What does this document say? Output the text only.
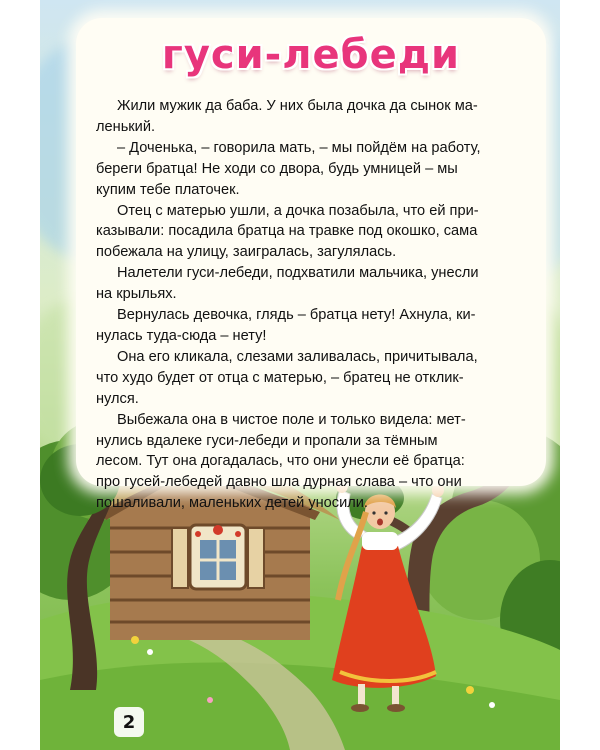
гуси-лебеди

Жили мужик да баба. У них была дочка да сынок ма-
ленький.

– Доченька, – говорила мать, – мы пойдём на работу,
береги братца! Не ходи со двора, будь умницей – мы
купим тебе платочек.

Отец с матерью ушли, а дочка позабыла, что ей при-
казывали: посадила братца на травке под окошко, сама
побежала на улицу, заигралась, загулялась.

Налетели гуси-лебеди, подхватили мальчика, унесли
на крыльях.

Вернулась девочка, глядь – братца нету! Ахнула, ки-
нулась туда-сюда – нету!

Она его кликала, слезами заливалась, причитывала,
что худо будет от отца с матерью, – братец не отклик-
нулся.

Выбежала она в чистое поле и только видела: мет-
нулись вдалеке гуси-лебеди и пропали за тёмным
лесом. Тут она догадалась, что они унесли её братца:
про гусей-лебедей давно шла дурная слава – что они
пошаливали, маленьких детей уносили.

2
